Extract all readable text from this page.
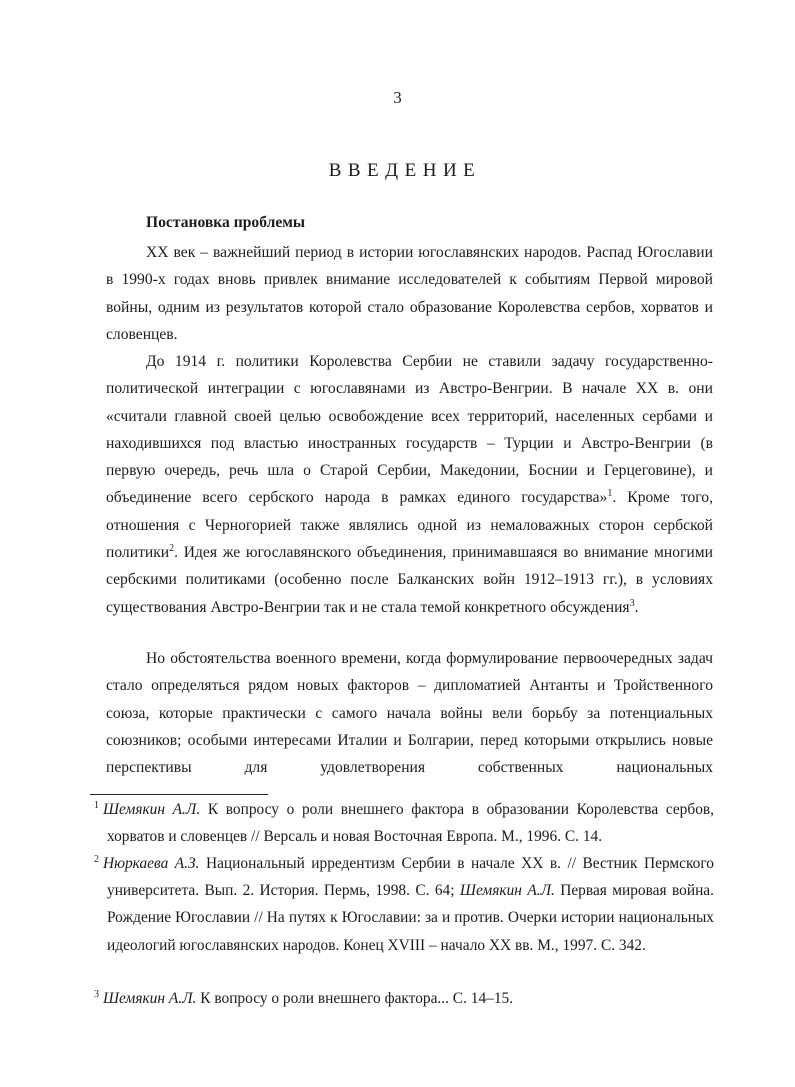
3
ВВЕДЕНИЕ
Постановка проблемы

ХХ век – важнейший период в истории югославянских народов. Распад Югославии в 1990-х годах вновь привлек внимание исследователей к событиям Первой мировой войны, одним из результатов которой стало образование Королевства сербов, хорватов и словенцев.

До 1914 г. политики Королевства Сербии не ставили задачу государственно-политической интеграции с югославянами из Австро-Венгрии. В начале ХХ в. они «считали главной своей целью освобождение всех территорий, населенных сербами и находившихся под властью иностранных государств – Турции и Австро-Венгрии (в первую очередь, речь шла о Старой Сербии, Македонии, Боснии и Герцеговине), и объединение всего сербского народа в рамках единого государства»$^1$. Кроме того, отношения с Черногорией также являлись одной из немаловажных сторон сербской политики$^2$. Идея же югославянского объединения, принимавшаяся во внимание многими сербскими политиками (особенно после Балканских войн 1912–1913 гг.), в условиях существования Австро-Венгрии так и не стала темой конкретного обсуждения$^3$.

Но обстоятельства военного времени, когда формулирование первоочередных задач стало определяться рядом новых факторов – дипломатией Антанты и Тройственного союза, которые практически с самого начала войны вели борьбу за потенциальных союзников; особыми интересами Италии и Болгарии, перед которыми открылись новые перспективы для удовлетворения собственных национальных

$^1$ Шемякин А.Л. К вопросу о роли внешнего фактора в образовании Королевства сербов, хорватов и словенцев // Версаль и новая Восточная Европа. М., 1996. С. 14.

$^2$ Нюркаева А.З. Национальный ирредентизм Сербии в начале ХХ в. // Вестник Пермского университета. Вып. 2. История. Пермь, 1998. С. 64; Шемякин А.Л. Первая мировая война. Рождение Югославии // На путях к Югославии: за и против. Очерки истории национальных идеологий югославянских народов. Конец XVIII – начало ХХ вв. М., 1997. С. 342.

$^3$ Шемякин А.Л. К вопросу о роли внешнего фактора... С. 14–15.
